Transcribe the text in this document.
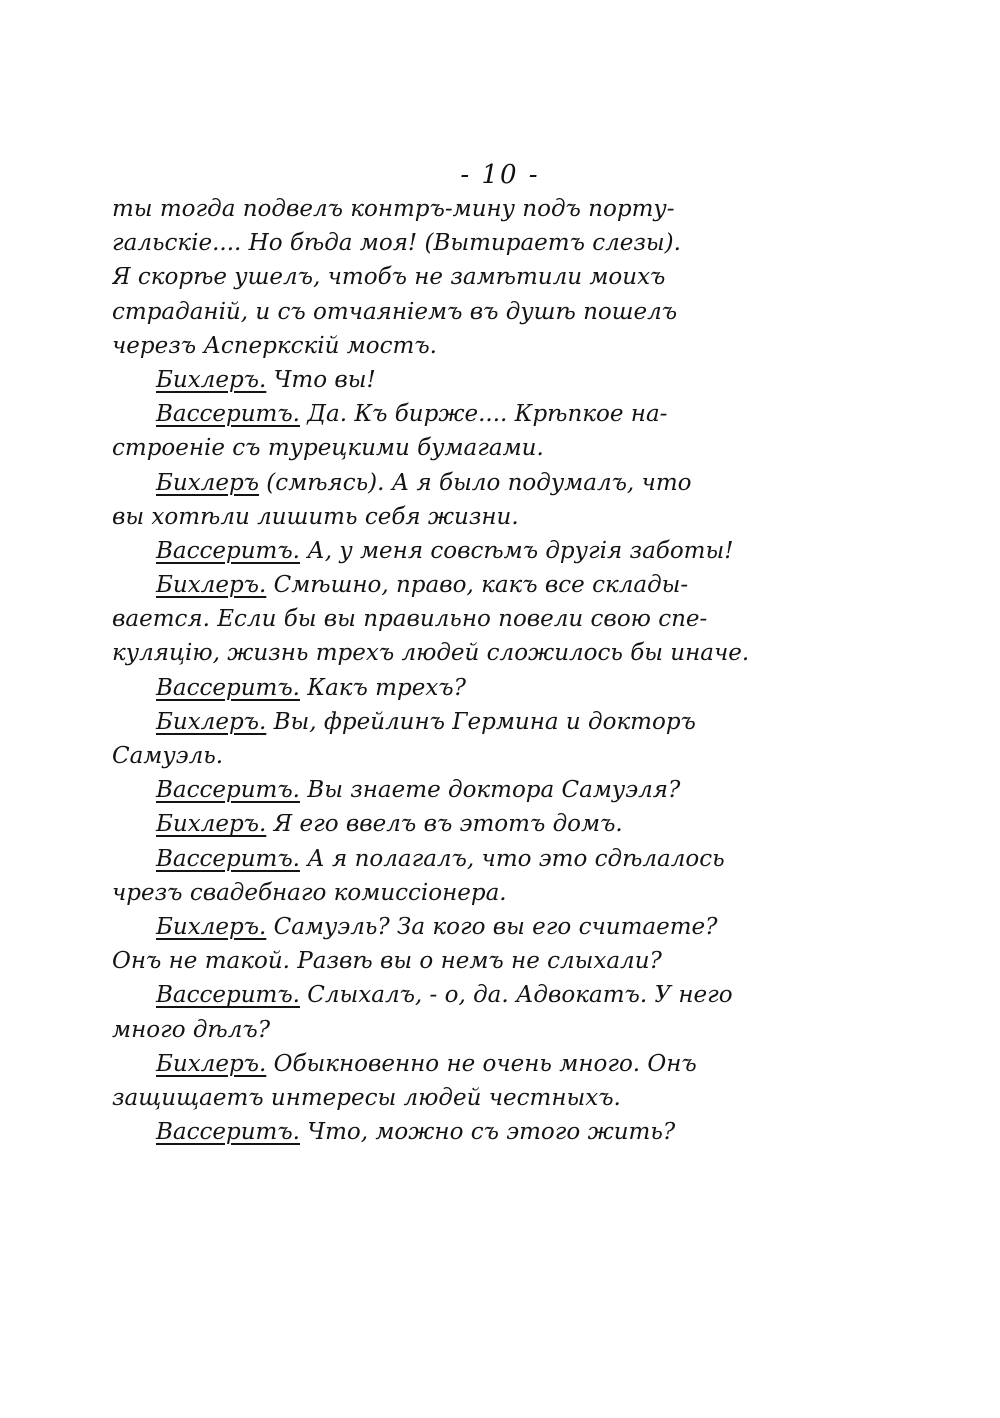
- 10 -
ты тогда подвелъ контръ-мину подъ порту-
гальскіе.... Но бѣда моя! (Вытираетъ слезы).
Я скорѣе ушелъ, чтобъ не замѣтили моихъ
страданій, и съ отчаяніемъ въ душѣ пошелъ
черезъ Асперкскій мостъ.
Бихлеръ. Что вы!
Вассеритъ. Да. Къ бирже.... Крѣпкое на-
строеніе съ турецкими бумагами.
Бихлеръ (смѣясь). А я было подумалъ, что
вы хотѣли лишить себя жизни.
Вассеритъ. А, у меня совсѣмъ другія заботы!
Бихлеръ. Смѣшно, право, какъ все склады-
вается. Если бы вы правильно повели свою спе-
куляцію, жизнь трехъ людей сложилось бы иначе.
Вассеритъ. Какъ трехъ?
Бихлеръ. Вы, фрейлинъ Гермина и докторъ
Самуэль.
Вассеритъ. Вы знаете доктора Самуэля?
Бихлеръ. Я его ввелъ въ этотъ домъ.
Вассеритъ. А я полагалъ, что это сдѣлалось
чрезъ свадебнаго комиссіонера.
Бихлеръ. Самуэль? За кого вы его считаете?
Онъ не такой. Развѣ вы о немъ не слыхали?
Вассеритъ. Слыхалъ, - о, да. Адвокатъ. У него
много дѣлъ?
Бихлеръ. Обыкновенно не очень много. Онъ
защищаетъ интересы людей честныхъ.
Вассеритъ. Что, можно съ этого жить?
